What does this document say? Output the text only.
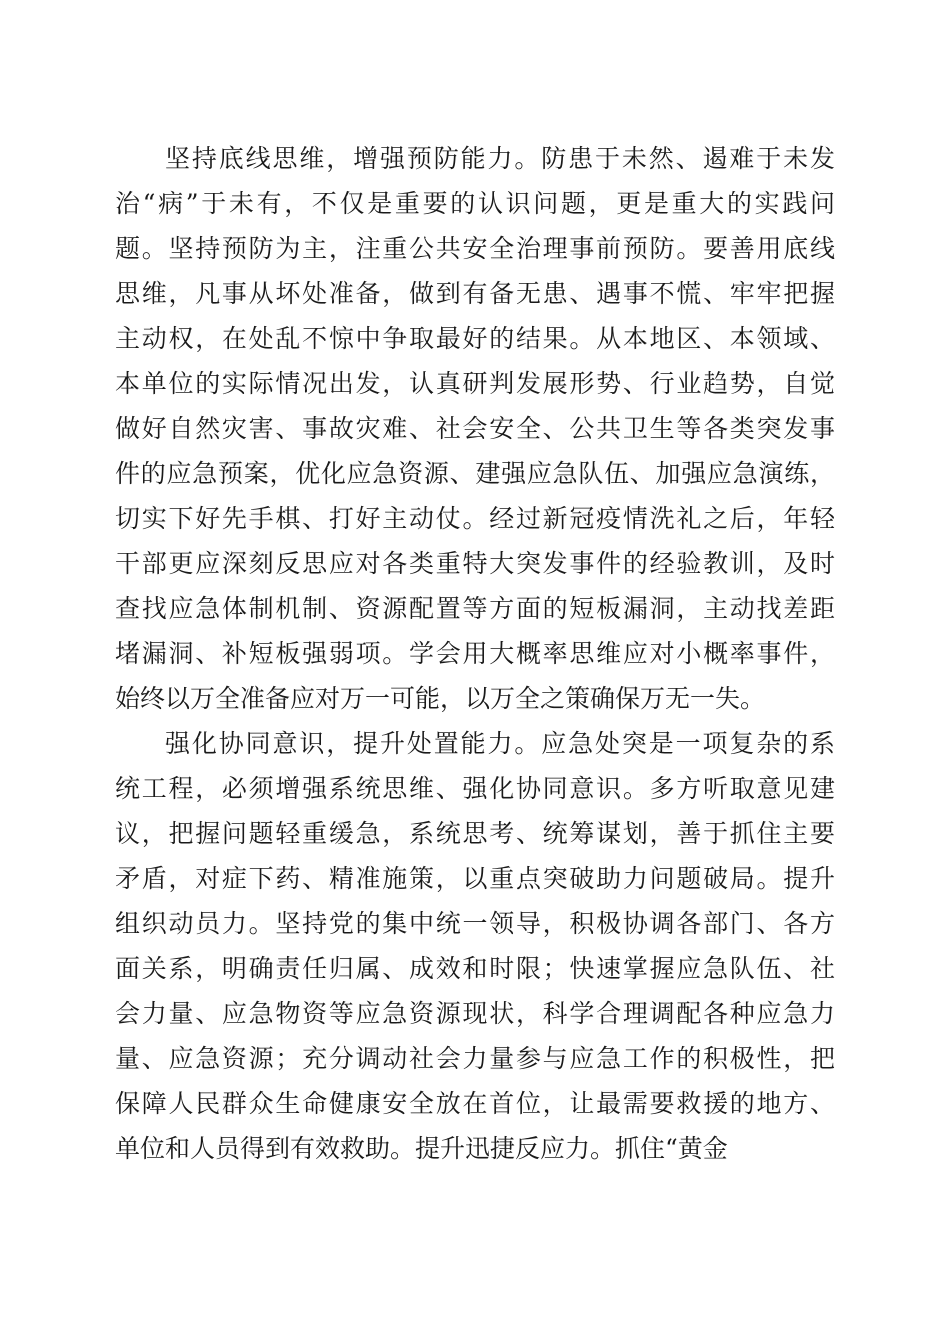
坚持底线思维，增强预防能力。防患于未然、遏难于未发
治“病”于未有，不仅是重要的认识问题，更是重大的实践问
题。坚持预防为主，注重公共安全治理事前预防。要善用底线
思维，凡事从坏处准备，做到有备无患、遇事不慌、牢牢把握
主动权，在处乱不惊中争取最好的结果。从本地区、本领域、
本单位的实际情况出发，认真研判发展形势、行业趋势，自觉
做好自然灾害、事故灾难、社会安全、公共卫生等各类突发事
件的应急预案，优化应急资源、建强应急队伍、加强应急演练，
切实下好先手棋、打好主动仗。经过新冠疫情洗礼之后，年轻
干部更应深刻反思应对各类重特大突发事件的经验教训，及时
查找应急体制机制、资源配置等方面的短板漏洞，主动找差距
堵漏洞、补短板强弱项。学会用大概率思维应对小概率事件，
始终以万全准备应对万一可能，以万全之策确保万无一失。
强化协同意识，提升处置能力。应急处突是一项复杂的系
统工程，必须增强系统思维、强化协同意识。多方听取意见建
议，把握问题轻重缓急，系统思考、统筹谋划，善于抓住主要
矛盾，对症下药、精准施策，以重点突破助力问题破局。提升
组织动员力。坚持党的集中统一领导，积极协调各部门、各方
面关系，明确责任归属、成效和时限；快速掌握应急队伍、社
会力量、应急物资等应急资源现状，科学合理调配各种应急力
量、应急资源；充分调动社会力量参与应急工作的积极性，把
保障人民群众生命健康安全放在首位，让最需要救援的地方、
单位和人员得到有效救助。提升迅捷反应力。抓住“黄金
